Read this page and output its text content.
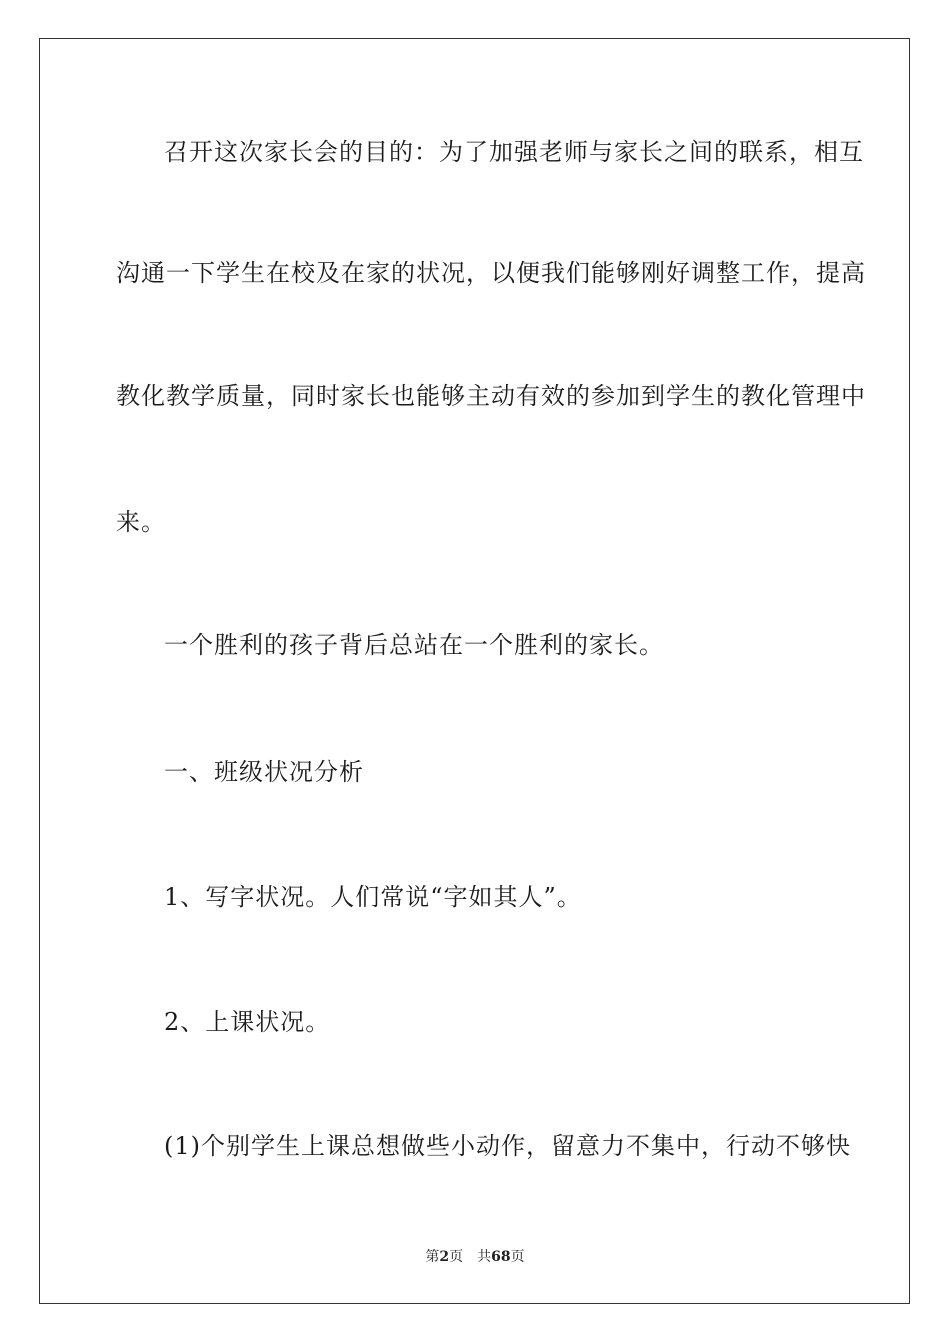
召开这次家长会的目的：为了加强老师与家长之间的联系，相互
沟通一下学生在校及在家的状况，以便我们能够刚好调整工作，提高
教化教学质量，同时家长也能够主动有效的参加到学生的教化管理中
来。
一个胜利的孩子背后总站在一个胜利的家长。
一、班级状况分析
1、写字状况。人们常说“字如其人”。
2、上课状况。
(1)个别学生上课总想做些小动作，留意力不集中，行动不够快
第2页 共68页
